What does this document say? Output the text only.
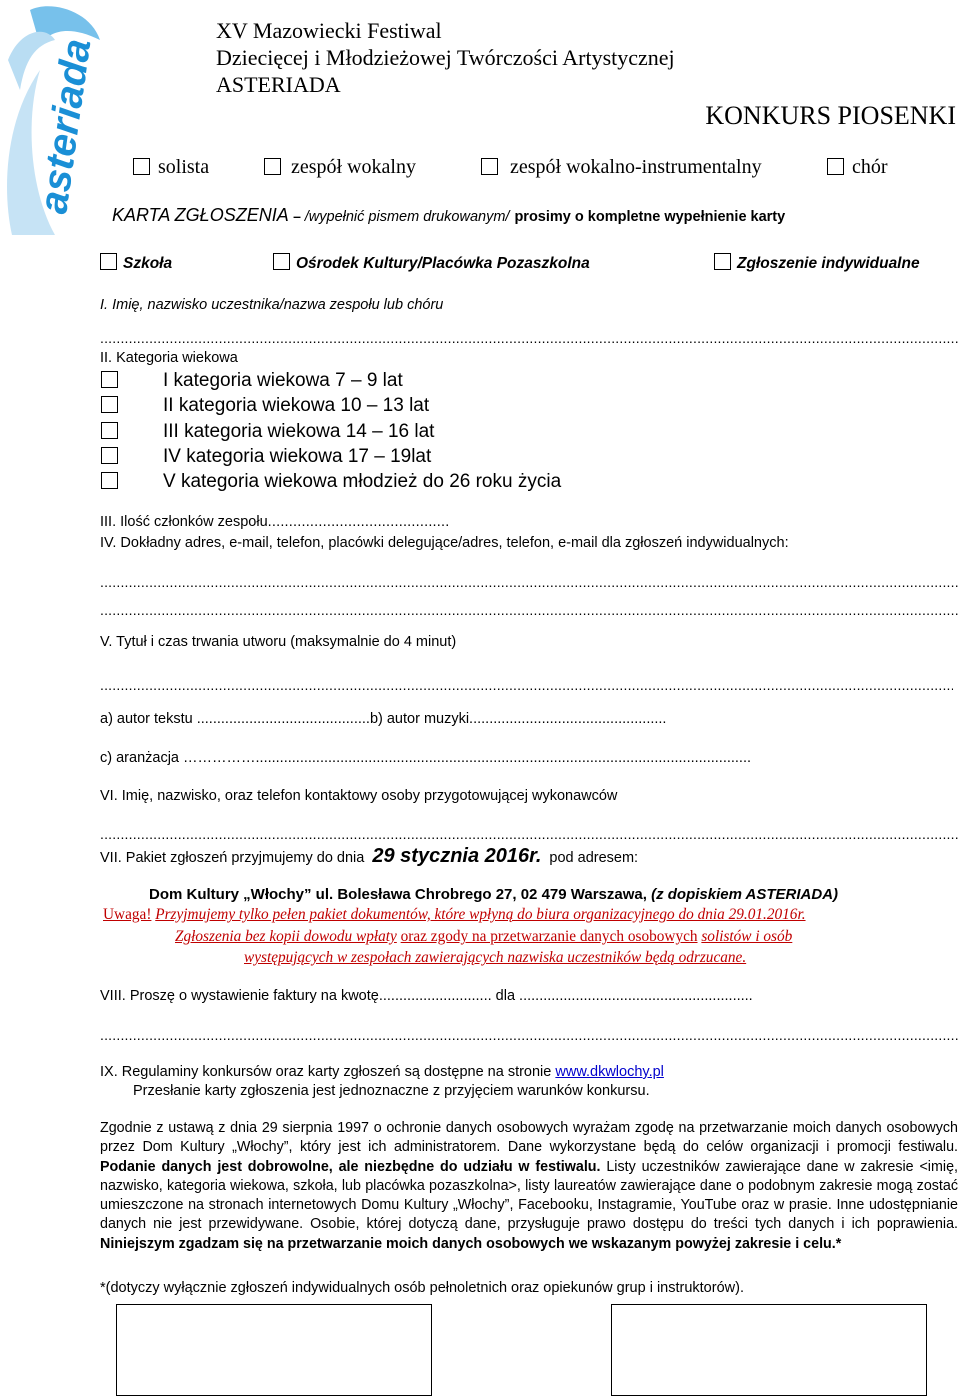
asteriada
XV Mazowiecki Festiwal
Dziecięcej i Młodzieżowej Twórczości Artystycznej
ASTERIADA
KONKURS PIOSENKI
solista	zespół wokalny	zespół wokalno-instrumentalny	chór
KARTA ZGŁOSZENIA – /wypełnić pismem drukowanym/ prosimy o kompletne wypełnienie karty
Szkoła	Ośrodek Kultury/Placówka Pozaszkolna	Zgłoszenie indywidualne
I. Imię, nazwisko uczestnika/nazwa zespołu lub chóru
.....
II. Kategoria wiekowa
I kategoria wiekowa 7 – 9 lat
II kategoria wiekowa 10 – 13 lat
III kategoria wiekowa 14 – 16 lat
IV kategoria wiekowa 17 – 19lat
V kategoria wiekowa młodzież do 26 roku życia
III. Ilość członków zespołu...........................................
IV. Dokładny adres, e-mail, telefon, placówki delegujące/adres, telefon, e-mail dla zgłoszeń indywidualnych:
.....
.....
V. Tytuł i czas trwania utworu (maksymalnie do 4 minut)
.....
a) autor tekstu ...........................................b) autor muzyki.................................................
c) aranżacja ……………...........................................................................................................................
VI. Imię, nazwisko, oraz telefon kontaktowy osoby przygotowującej wykonawców
.....
VII. Pakiet zgłoszeń przyjmujemy do dnia 29 stycznia 2016r. pod adresem:
Dom Kultury „Włochy” ul. Bolesława Chrobrego 27, 02 479 Warszawa, (z dopiskiem ASTERIADA)
Uwaga! Przyjmujemy tylko pełen pakiet dokumentów, które wpłyną do biura organizacyjnego do dnia 29.01.2016r.
Zgłoszenia bez kopii dowodu wpłaty oraz zgody na przetwarzanie danych osobowych solistów i osób
występujących w zespołach zawierających nazwiska uczestników będą odrzucane.
VIII. Proszę o wystawienie faktury na kwotę............................ dla ..........................................................
.....
IX. Regulaminy konkursów oraz karty zgłoszeń są dostępne na stronie www.dkwlochy.pl
Przesłanie karty zgłoszenia jest jednoznaczne z przyjęciem warunków konkursu.
Zgodnie z ustawą z dnia 29 sierpnia 1997 o ochronie danych osobowych wyrażam zgodę na przetwarzanie moich danych osobowych przez Dom Kultury „Włochy”, który jest ich administratorem. Dane wykorzystane będą do celów organizacji i promocji festiwalu. Podanie danych jest dobrowolne, ale niezbędne do udziału w festiwalu. Listy uczestników zawierające dane w zakresie <imię, nazwisko, kategoria wiekowa, szkoła, lub placówka pozaszkolna>, listy laureatów zawierające dane o podobnym zakresie mogą zostać umieszczone na stronach internetowych Domu Kultury „Włochy”, Facebooku, Instagramie, YouTube oraz w prasie. Inne udostępnianie danych nie jest przewidywane. Osobie, której dotyczą dane, przysługuje prawo dostępu do treści tych danych i ich poprawienia. Niniejszym zgadzam się na przetwarzanie moich danych osobowych we wskazanym powyżej zakresie i celu.*
*(dotyczy wyłącznie zgłoszeń indywidualnych osób pełnoletnich oraz opiekunów grup i instruktorów).
